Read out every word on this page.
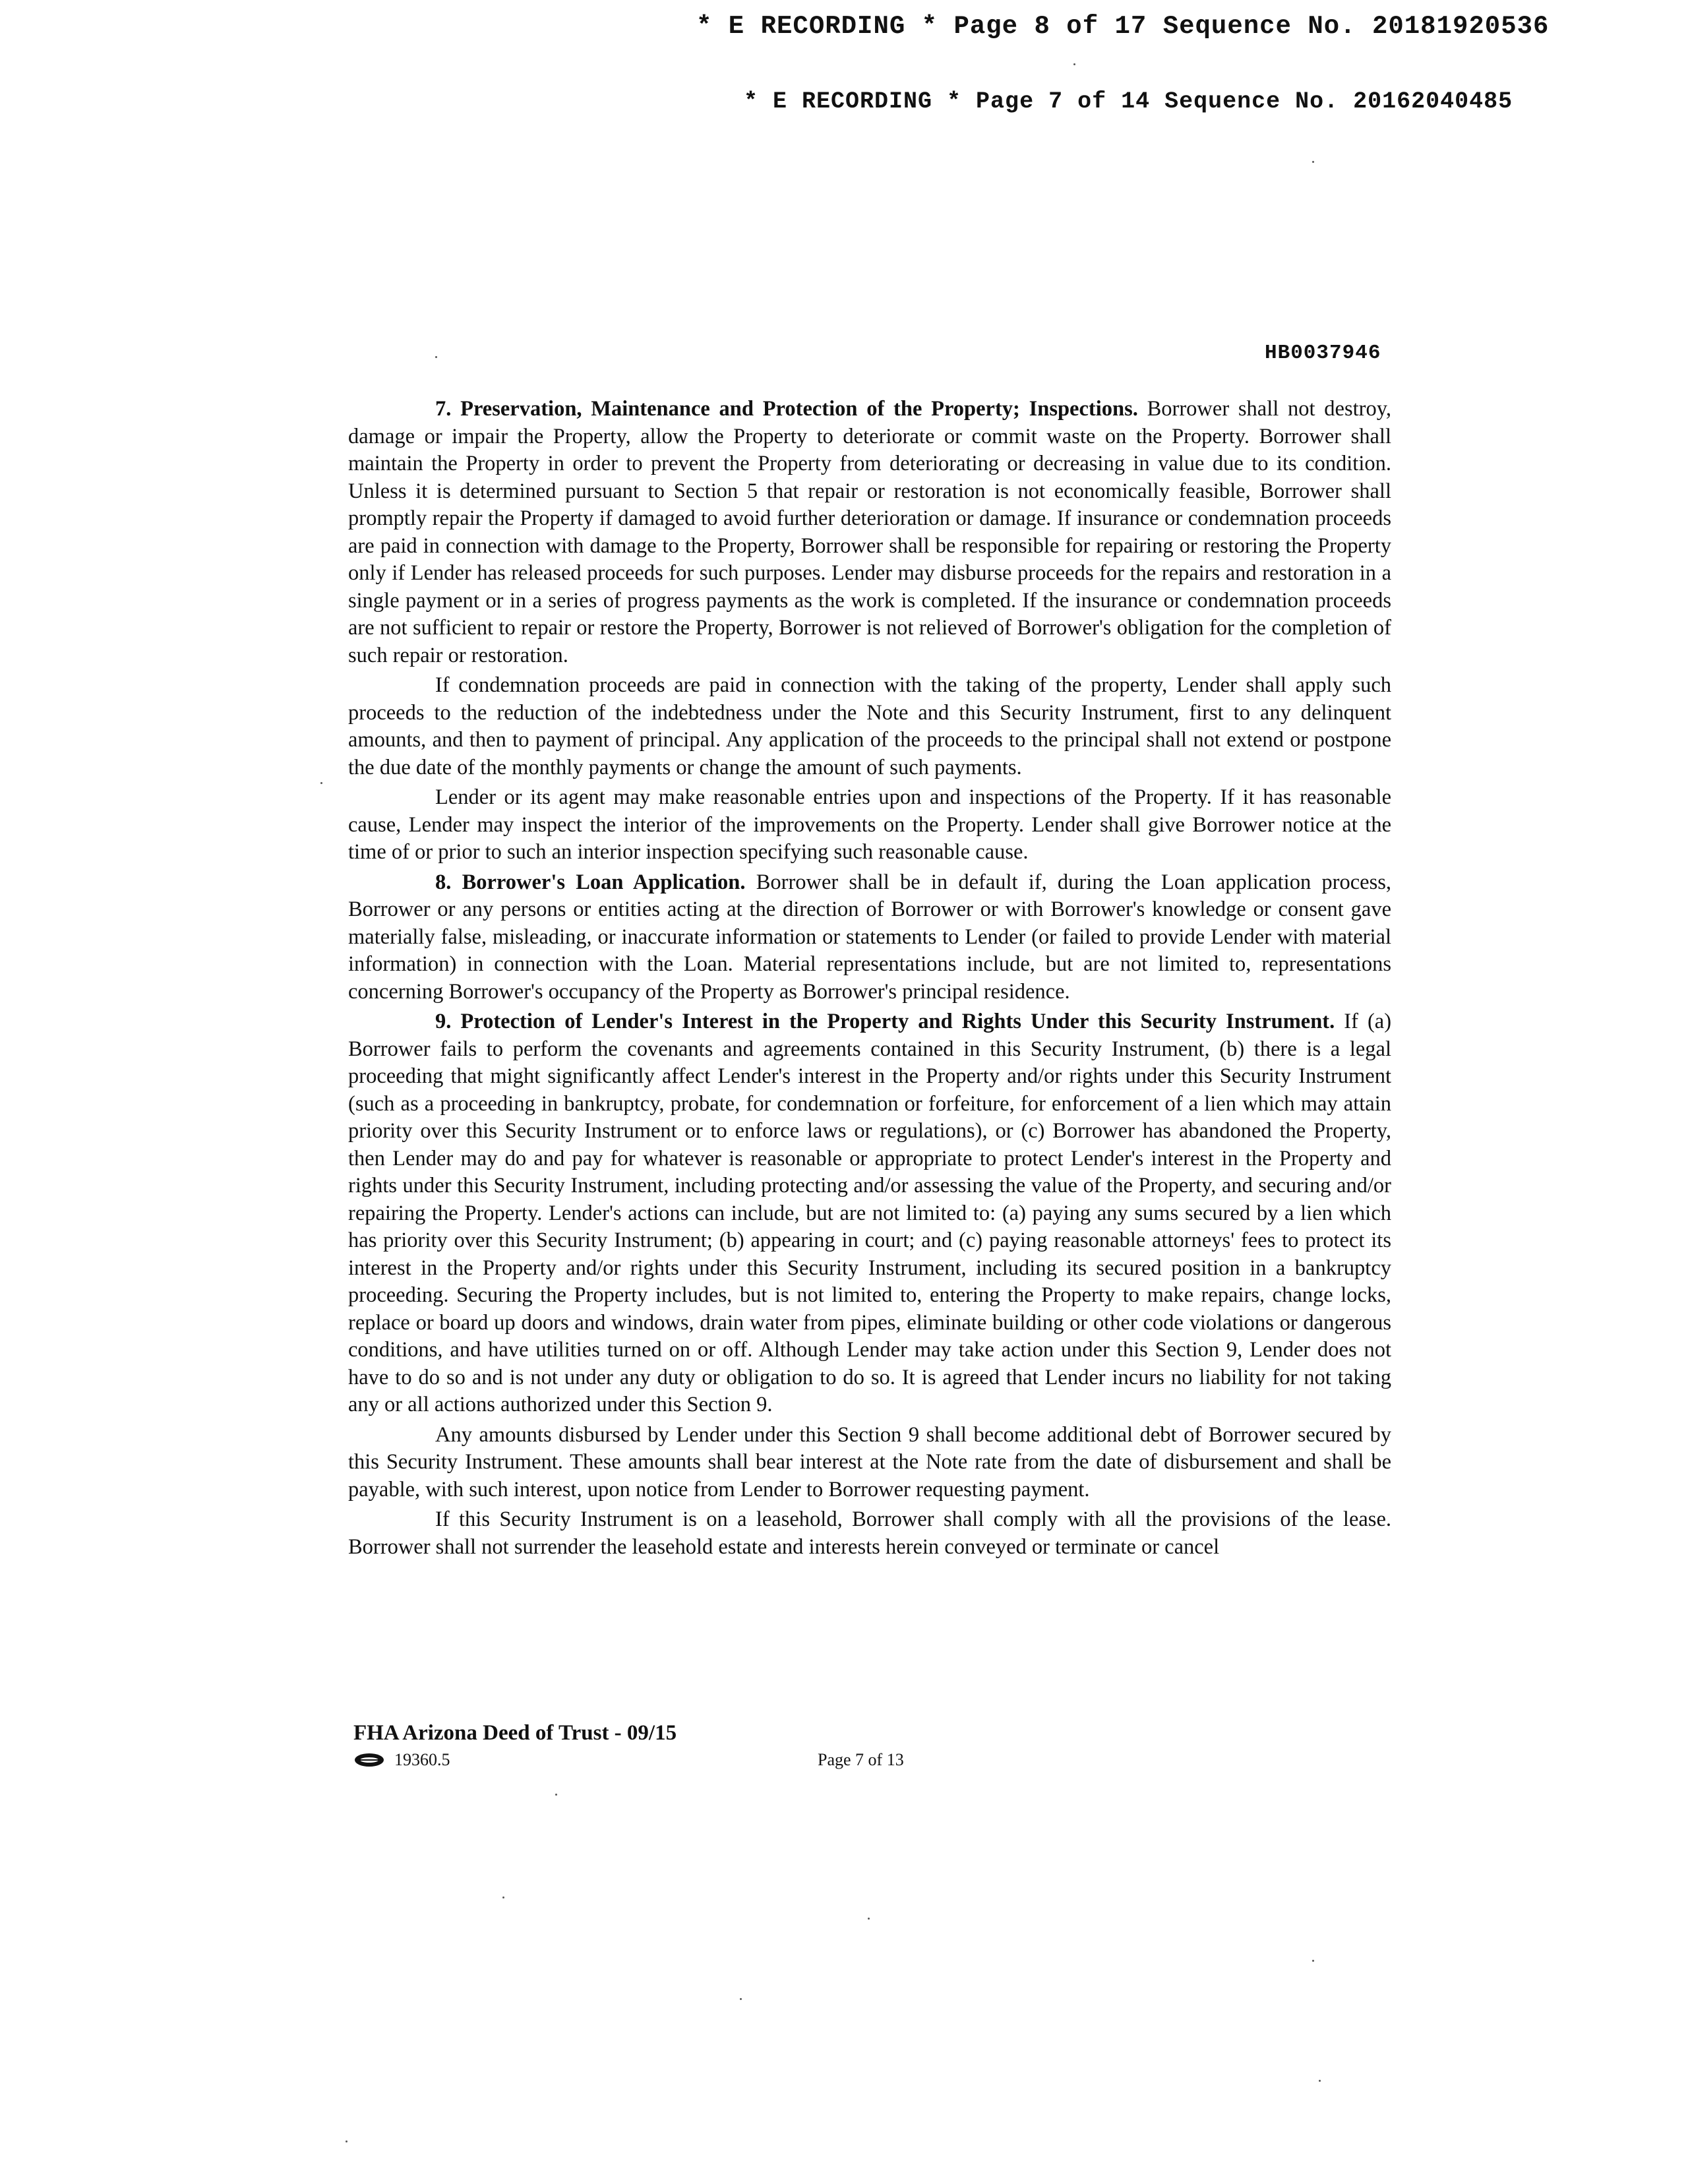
* E RECORDING * Page 8 of 17 Sequence No. 20181920536
* E RECORDING * Page 7 of 14 Sequence No. 20162040485
HB0037946

7. Preservation, Maintenance and Protection of the Property; Inspections. Borrower shall not destroy, damage or impair the Property, allow the Property to deteriorate or commit waste on the Property. Borrower shall maintain the Property in order to prevent the Property from deteriorating or decreasing in value due to its condition. Unless it is determined pursuant to Section 5 that repair or restoration is not economically feasible, Borrower shall promptly repair the Property if damaged to avoid further deterioration or damage. If insurance or condemnation proceeds are paid in connection with damage to the Property, Borrower shall be responsible for repairing or restoring the Property only if Lender has released proceeds for such purposes. Lender may disburse proceeds for the repairs and restoration in a single payment or in a series of progress payments as the work is completed. If the insurance or condemnation proceeds are not sufficient to repair or restore the Property, Borrower is not relieved of Borrower's obligation for the completion of such repair or restoration.

If condemnation proceeds are paid in connection with the taking of the property, Lender shall apply such proceeds to the reduction of the indebtedness under the Note and this Security Instrument, first to any delinquent amounts, and then to payment of principal. Any application of the proceeds to the principal shall not extend or postpone the due date of the monthly payments or change the amount of such payments.

Lender or its agent may make reasonable entries upon and inspections of the Property. If it has reasonable cause, Lender may inspect the interior of the improvements on the Property. Lender shall give Borrower notice at the time of or prior to such an interior inspection specifying such reasonable cause.

8. Borrower's Loan Application. Borrower shall be in default if, during the Loan application process, Borrower or any persons or entities acting at the direction of Borrower or with Borrower's knowledge or consent gave materially false, misleading, or inaccurate information or statements to Lender (or failed to provide Lender with material information) in connection with the Loan. Material representations include, but are not limited to, representations concerning Borrower's occupancy of the Property as Borrower's principal residence.

9. Protection of Lender's Interest in the Property and Rights Under this Security Instrument. If (a) Borrower fails to perform the covenants and agreements contained in this Security Instrument, (b) there is a legal proceeding that might significantly affect Lender's interest in the Property and/or rights under this Security Instrument (such as a proceeding in bankruptcy, probate, for condemnation or forfeiture, for enforcement of a lien which may attain priority over this Security Instrument or to enforce laws or regulations), or (c) Borrower has abandoned the Property, then Lender may do and pay for whatever is reasonable or appropriate to protect Lender's interest in the Property and rights under this Security Instrument, including protecting and/or assessing the value of the Property, and securing and/or repairing the Property. Lender's actions can include, but are not limited to: (a) paying any sums secured by a lien which has priority over this Security Instrument; (b) appearing in court; and (c) paying reasonable attorneys' fees to protect its interest in the Property and/or rights under this Security Instrument, including its secured position in a bankruptcy proceeding. Securing the Property includes, but is not limited to, entering the Property to make repairs, change locks, replace or board up doors and windows, drain water from pipes, eliminate building or other code violations or dangerous conditions, and have utilities turned on or off. Although Lender may take action under this Section 9, Lender does not have to do so and is not under any duty or obligation to do so. It is agreed that Lender incurs no liability for not taking any or all actions authorized under this Section 9.

Any amounts disbursed by Lender under this Section 9 shall become additional debt of Borrower secured by this Security Instrument. These amounts shall bear interest at the Note rate from the date of disbursement and shall be payable, with such interest, upon notice from Lender to Borrower requesting payment.

If this Security Instrument is on a leasehold, Borrower shall comply with all the provisions of the lease. Borrower shall not surrender the leasehold estate and interests herein conveyed or terminate or cancel

FHA Arizona Deed of Trust - 09/15
19360.5	Page 7 of 13
